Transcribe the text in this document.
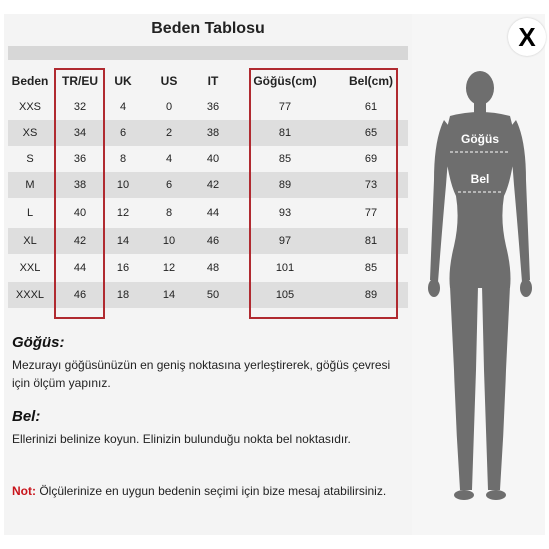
Beden Tablosu	X
Beden	TR/EU	UK	US	IT	Göğüs(cm)	Bel(cm)
XXS	32	4	0	36	77	61
XS	34	6	2	38	81	65
S	36	8	4	40	85	69
M	38	10	6	42	89	73
L	40	12	8	44	93	77
XL	42	14	10	46	97	81
XXL	44	16	12	48	101	85
XXXL	46	18	14	50	105	89
Göğüs:
Mezurayı göğüsünüzün en geniş noktasına yerleştirerek, göğüs çevresi için ölçüm yapınız.
Bel:
Ellerinizi belinize koyun. Elinizin bulunduğu nokta bel noktasıdır.
Not: Ölçülerinize en uygun bedenin seçimi için bize mesaj atabilirsiniz.
Göğüs
Bel
